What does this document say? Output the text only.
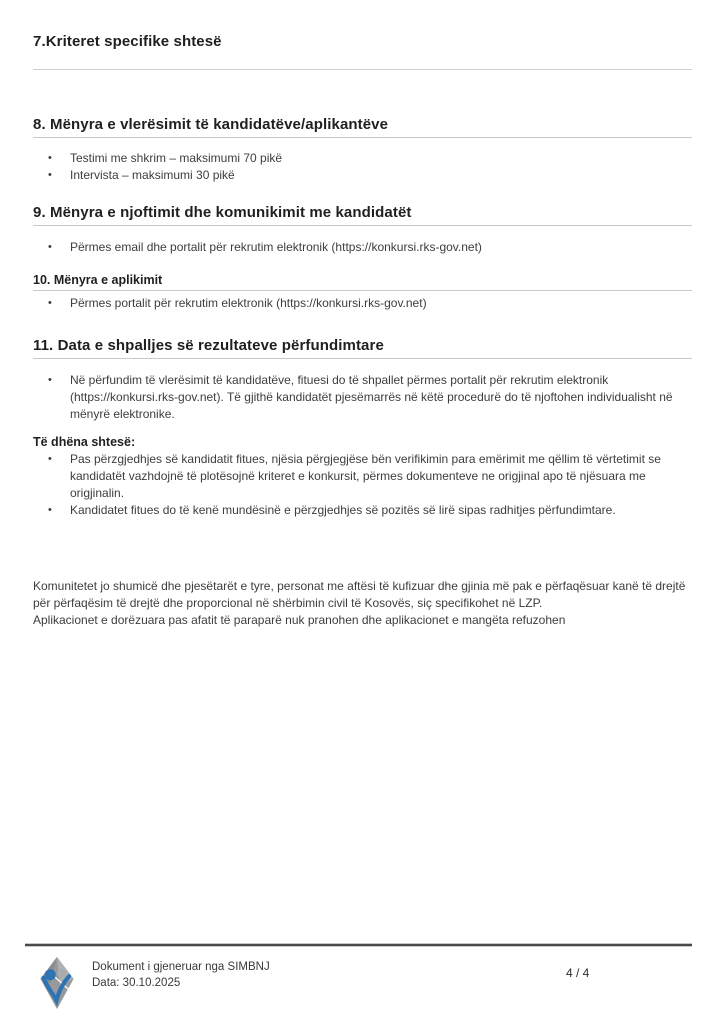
7.Kriteret specifike shtesë
8. Mënyra e vlerësimit të kandidatëve/aplikantëve
• Testimi me shkrim – maksimumi 70 pikë
• Intervista – maksimumi 30 pikë
9. Mënyra e njoftimit dhe komunikimit me kandidatët
• Përmes email dhe portalit për rekrutim elektronik (https://konkursi.rks-gov.net)
10. Mënyra e aplikimit
• Përmes portalit për rekrutim elektronik (https://konkursi.rks-gov.net)
11. Data e shpalljes së rezultateve përfundimtare
• Në përfundim të vlerësimit të kandidatëve, fituesi do të shpallet përmes portalit për rekrutim elektronik (https://konkursi.rks-gov.net). Të gjithë kandidatët pjesëmarrës në këtë procedurë do të njoftohen individualisht në mënyrë elektronike.
Të dhëna shtesë:
• Pas përzgjedhjes së kandidatit fitues, njësia përgjegjëse bën verifikimin para emërimit me qëllim të vërtetimit se kandidatët vazhdojnë të plotësojnë kriteret e konkursit, përmes dokumenteve ne origjinal apo të njësuara me origjinalin.
• Kandidatet fitues do të kenë mundësinë e përzgjedhjes së pozitës së lirë sipas radhitjes përfundimtare.
Komunitetet jo shumicë dhe pjesëtarët e tyre, personat me aftësi të kufizuar dhe gjinia më pak e përfaqësuar kanë të drejtë për përfaqësim të drejtë dhe proporcional në shërbimin civil të Kosovës, siç specifikohet në LZP.
Aplikacionet e dorëzuara pas afatit të paraparë nuk pranohen dhe aplikacionet e mangëta refuzohen
Dokument i gjeneruar nga SIMBNJ
Data: 30.10.2025
4 / 4
